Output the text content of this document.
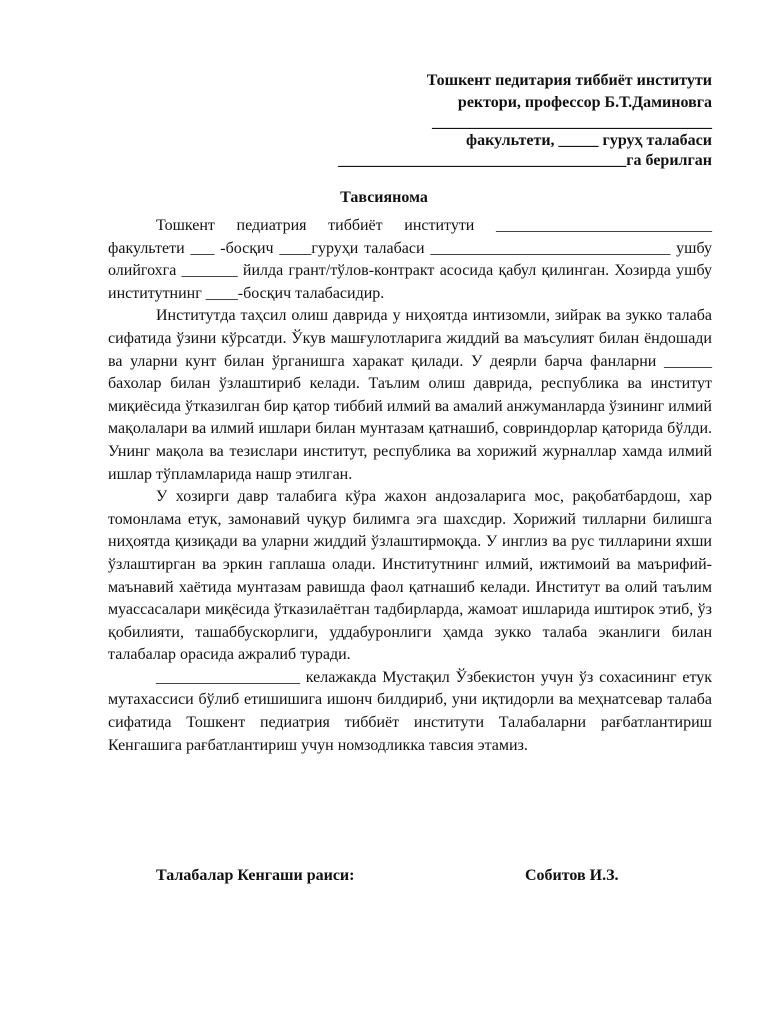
Тошкент педитария тиббиёт институти

ректори, профессор Б.Т.Даминовга

___________________________________

факультети, _____ гуруҳ талабаси

____________________________________га берилган

Тавсиянома

Тошкент педиатрия тиббиёт институти ___________________________ факультети ___ -босқич ____гуруҳи талабаси ______________________________ ушбу олийгохга _______ йилда грант/тўлов-контракт асосида қабул қилинган. Хозирда ушбу институтнинг ____-босқич талабасидир.

Институтда таҳсил олиш даврида у ниҳоятда интизомли, зийрак ва зукко талаба сифатида ўзини кўрсатди. Ўкув машғулотларига жиддий ва маъсулият билан ёндошади ва уларни кунт билан ўрганишга харакат қилади. У деярли барча фанларни ______ бахолар билан ўзлаштириб келади. Таълим олиш даврида, республика ва институт миқиёсида ўтказилган бир қатор тиббий илмий ва амалий анжуманларда ўзининг илмий мақолалари ва илмий ишлари билан мунтазам қатнашиб, совриндорлар қаторида бўлди. Унинг мақола ва тезислари институт, республика ва хорижий журналлар хамда илмий ишлар тўпламларида нашр этилган.

У хозирги давр талабига кўра жахон андозаларига мос, рақобатбардош, хар томонлама етук, замонавий чуқур билимга эга шахсдир. Хорижий тилларни билишга ниҳоятда қизиқади ва уларни жиддий ўзлаштирмоқда. У инглиз ва рус тилларини яхши ўзлаштирган ва эркин гаплаша олади. Институтнинг илмий, ижтимоий ва маърифий-маънавий хаётида мунтазам равишда фаол қатнашиб келади. Институт ва олий таълим муассасалари миқёсида ўтказилаётган тадбирларда, жамоат ишларида иштирок этиб, ўз қобилияти, ташаббускорлиги, уддабуронлиги ҳамда зукко талаба эканлиги билан талабалар орасида ажралиб туради.

__________________ келажакда Мустақил Ўзбекистон учун ўз сохасининг етук мутахассиси бўлиб етишишига ишонч билдириб, уни иқтидорли ва меҳнатсевар талаба сифатида Тошкент педиатрия тиббиёт институти Талабаларни рағбатлантириш Кенгашига рағбатлантириш учун номзодликка тавсия этамиз.

Талабалар Кенгаши раиси:	Собитов И.З.
